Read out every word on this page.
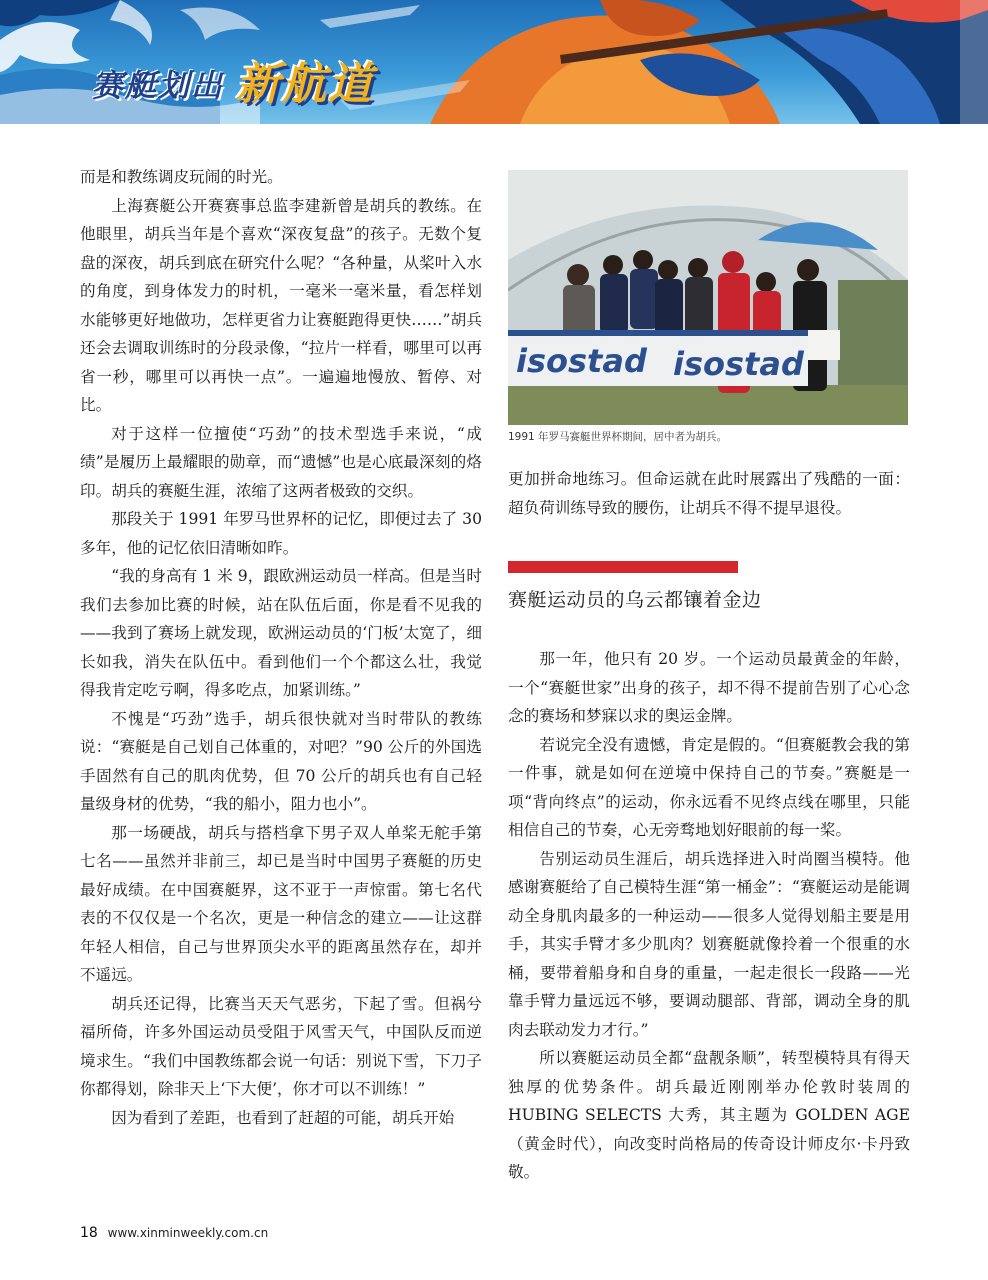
赛艇划出 新航道

而是和教练调皮玩闹的时光。

上海赛艇公开赛赛事总监李建新曾是胡兵的教练。在他眼里，胡兵当年是个喜欢“深夜复盘”的孩子。无数个复盘的深夜，胡兵到底在研究什么呢？“各种量，从桨叶入水的角度，到身体发力的时机，一毫米一毫米量，看怎样划水能够更好地做功，怎样更省力让赛艇跑得更快……”胡兵还会去调取训练时的分段录像，“拉片一样看，哪里可以再省一秒，哪里可以再快一点”。一遍遍地慢放、暂停、对比。

对于这样一位擅使“巧劲”的技术型选手来说，“成绩”是履历上最耀眼的勋章，而“遗憾”也是心底最深刻的烙印。胡兵的赛艇生涯，浓缩了这两者极致的交织。

那段关于 1991 年罗马世界杯的记忆，即便过去了 30 多年，他的记忆依旧清晰如昨。

“我的身高有 1 米 9，跟欧洲运动员一样高。但是当时我们去参加比赛的时候，站在队伍后面，你是看不见我的——我到了赛场上就发现，欧洲运动员的‘门板’太宽了，细长如我，消失在队伍中。看到他们一个个都这么壮，我觉得我肯定吃亏啊，得多吃点，加紧训练。”

不愧是“巧劲”选手，胡兵很快就对当时带队的教练说：“赛艇是自己划自己体重的，对吧？”90 公斤的外国选手固然有自己的肌肉优势，但 70 公斤的胡兵也有自己轻量级身材的优势，“我的船小，阻力也小”。

那一场硬战，胡兵与搭档拿下男子双人单桨无舵手第七名——虽然并非前三，却已是当时中国男子赛艇的历史最好成绩。在中国赛艇界，这不亚于一声惊雷。第七名代表的不仅仅是一个名次，更是一种信念的建立——让这群年轻人相信，自己与世界顶尖水平的距离虽然存在，却并不遥远。

胡兵还记得，比赛当天天气恶劣，下起了雪。但祸兮福所倚，许多外国运动员受阻于风雪天气，中国队反而逆境求生。“我们中国教练都会说一句话：别说下雪，下刀子你都得划，除非天上‘下大便’，你才可以不训练！”

因为看到了差距，也看到了赶超的可能，胡兵开始

isostad isostad
1991 年罗马赛艇世界杯期间，居中者为胡兵。

更加拼命地练习。但命运就在此时展露出了残酷的一面：超负荷训练导致的腰伤，让胡兵不得不提早退役。

赛艇运动员的乌云都镶着金边

那一年，他只有 20 岁。一个运动员最黄金的年龄，一个“赛艇世家”出身的孩子，却不得不提前告别了心心念念的赛场和梦寐以求的奥运金牌。

若说完全没有遗憾，肯定是假的。“但赛艇教会我的第一件事，就是如何在逆境中保持自己的节奏。”赛艇是一项“背向终点”的运动，你永远看不见终点线在哪里，只能相信自己的节奏，心无旁骛地划好眼前的每一桨。

告别运动员生涯后，胡兵选择进入时尚圈当模特。他感谢赛艇给了自己模特生涯“第一桶金”：“赛艇运动是能调动全身肌肉最多的一种运动——很多人觉得划船主要是用手，其实手臂才多少肌肉？划赛艇就像拎着一个很重的水桶，要带着船身和自身的重量，一起走很长一段路——光靠手臂力量远远不够，要调动腿部、背部，调动全身的肌肉去联动发力才行。”

所以赛艇运动员全都“盘靓条顺”，转型模特具有得天独厚的优势条件。胡兵最近刚刚举办伦敦时装周的 HUBING SELECTS 大秀，其主题为 GOLDEN AGE（黄金时代），向改变时尚格局的传奇设计师皮尔·卡丹致敬。

18 www.xinminweekly.com.cn
